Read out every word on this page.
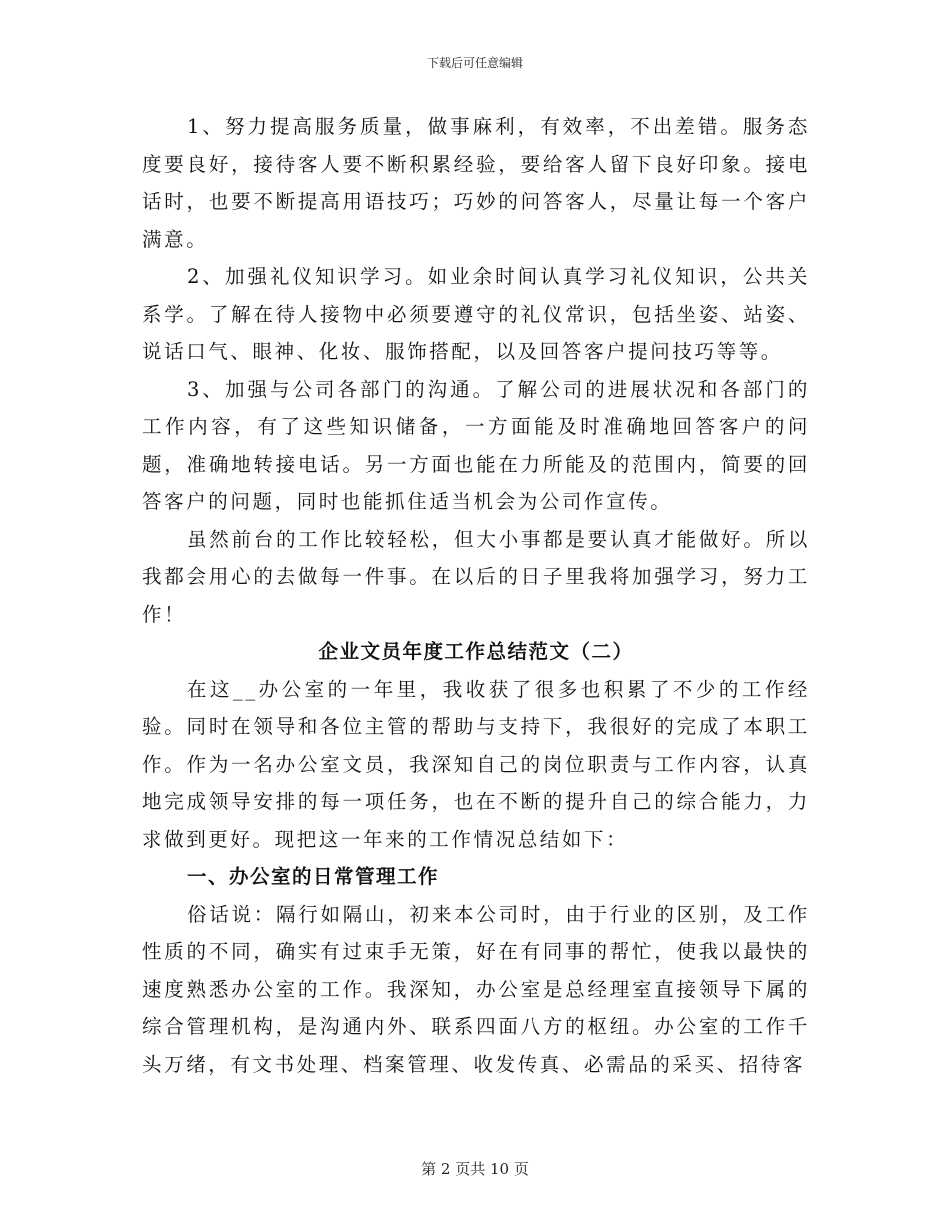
下载后可任意编辑

1、努力提高服务质量，做事麻利，有效率，不出差错。服务态度要良好，接待客人要不断积累经验，要给客人留下良好印象。接电话时，也要不断提高用语技巧；巧妙的问答客人，尽量让每一个客户满意。

2、加强礼仪知识学习。如业余时间认真学习礼仪知识，公共关系学。了解在待人接物中必须要遵守的礼仪常识，包括坐姿、站姿、说话口气、眼神、化妆、服饰搭配，以及回答客户提问技巧等等。

3、加强与公司各部门的沟通。了解公司的进展状况和各部门的工作内容，有了这些知识储备，一方面能及时准确地回答客户的问题，准确地转接电话。另一方面也能在力所能及的范围内，简要的回答客户的问题，同时也能抓住适当机会为公司作宣传。

虽然前台的工作比较轻松，但大小事都是要认真才能做好。所以我都会用心的去做每一件事。在以后的日子里我将加强学习，努力工作！

企业文员年度工作总结范文（二）

在这__办公室的一年里，我收获了很多也积累了不少的工作经验。同时在领导和各位主管的帮助与支持下，我很好的完成了本职工作。作为一名办公室文员，我深知自己的岗位职责与工作内容，认真地完成领导安排的每一项任务，也在不断的提升自己的综合能力，力求做到更好。现把这一年来的工作情况总结如下：

一、办公室的日常管理工作

俗话说：隔行如隔山，初来本公司时，由于行业的区别，及工作性质的不同，确实有过束手无策，好在有同事的帮忙，使我以最快的速度熟悉办公室的工作。我深知，办公室是总经理室直接领导下属的综合管理机构，是沟通内外、联系四面八方的枢纽。办公室的工作千头万绪，有文书处理、档案管理、收发传真、必需品的采买、招待客

第 2 页共 10 页
